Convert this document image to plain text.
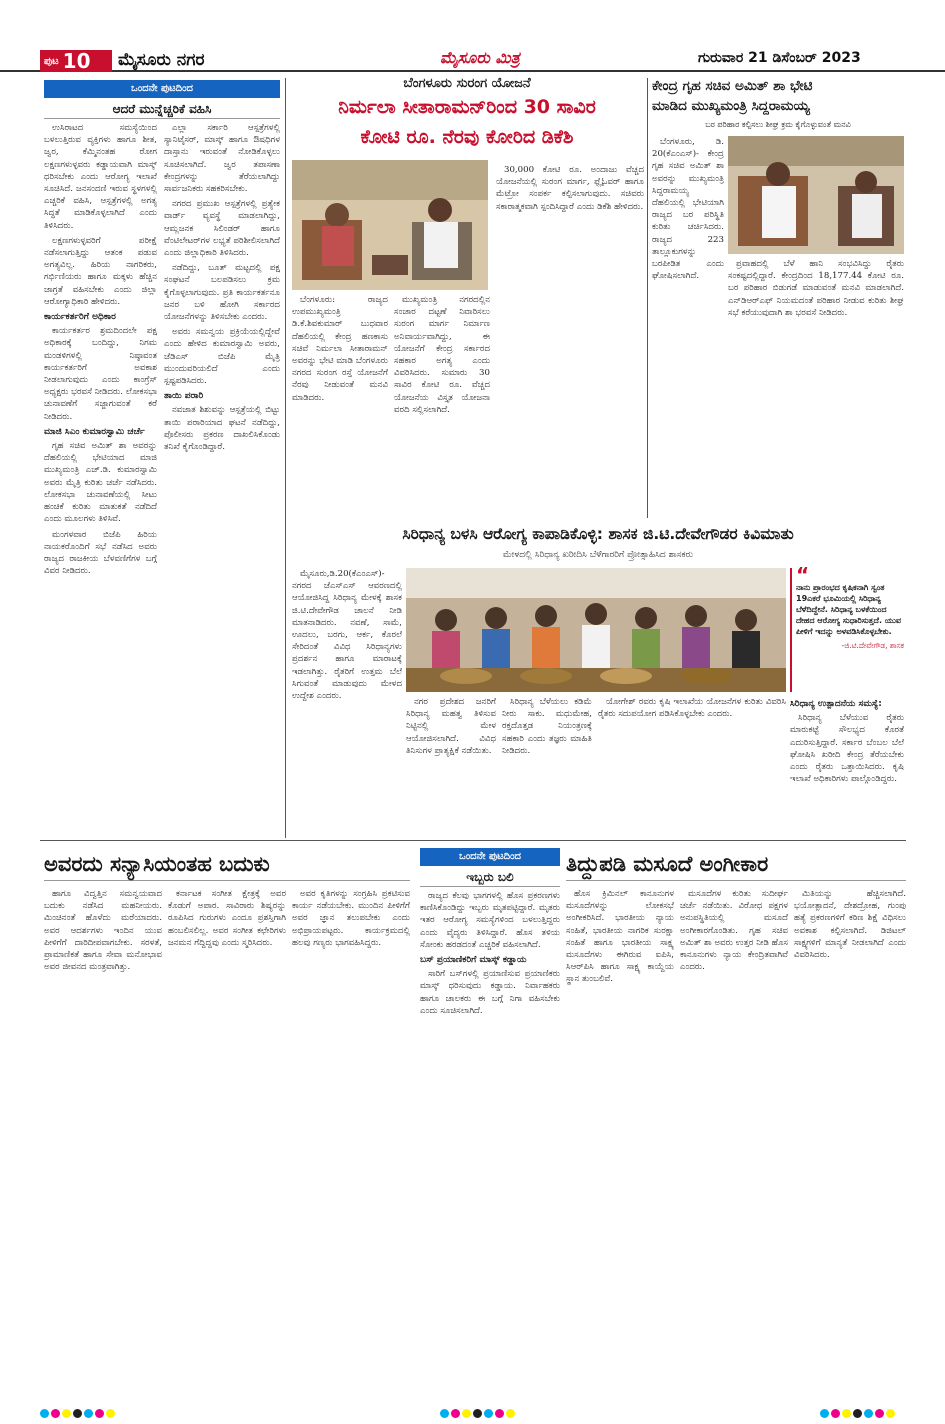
ಪುಟ 10 ಮೈಸೂರು ನಗರ	ಮೈಸೂರು ಮಿತ್ರ	ಗುರುವಾರ 21 ಡಿಸೆಂಬರ್ 2023
ಒಂದನೇ ಪುಟದಿಂದ
ಆದರೆ ಮುನ್ನೆಚ್ಚರಿಕೆ ವಹಿಸಿ

ಉಸಿರಾಟದ ಸಮಸ್ಯೆಯಿಂದ ಬಳಲುತ್ತಿರುವ ವ್ಯಕ್ತಿಗಳು ಹಾಗೂ ಶೀತ, ಜ್ವರ, ಕೆಮ್ಮಿನಂತಹ ರೋಗ ಲಕ್ಷಣಗಳುಳ್ಳವರು ಕಡ್ಡಾಯವಾಗಿ ಮಾಸ್ಕ್ ಧರಿಸಬೇಕು ಎಂದು ಆರೋಗ್ಯ ಇಲಾಖೆ ಸೂಚಿಸಿದೆ. ಜನಸಂದಣಿ ಇರುವ ಸ್ಥಳಗಳಲ್ಲಿ ಎಚ್ಚರಿಕೆ ವಹಿಸಿ, ಆಸ್ಪತ್ರೆಗಳಲ್ಲಿ ಅಗತ್ಯ ಸಿದ್ಧತೆ ಮಾಡಿಕೊಳ್ಳಲಾಗಿದೆ ಎಂದು ತಿಳಿಸಿದರು.

ಲಕ್ಷಣಗಳುಳ್ಳವರಿಗೆ ಪರೀಕ್ಷೆ ನಡೆಸಲಾಗುತ್ತಿದ್ದು ಆತಂಕ ಪಡುವ ಅಗತ್ಯವಿಲ್ಲ. ಹಿರಿಯ ನಾಗರಿಕರು, ಗರ್ಭಿಣಿಯರು ಹಾಗೂ ಮಕ್ಕಳು ಹೆಚ್ಚಿನ ಜಾಗ್ರತೆ ವಹಿಸಬೇಕು ಎಂದು ಜಿಲ್ಲಾ ಆರೋಗ್ಯಾಧಿಕಾರಿ ಹೇಳಿದರು.

ಕಾರ್ಯಕರ್ತರಿಗೆ ಅಧಿಕಾರ

ಕಾರ್ಯಕರ್ತರ ಶ್ರಮದಿಂದಲೇ ಪಕ್ಷ ಅಧಿಕಾರಕ್ಕೆ ಬಂದಿದ್ದು, ನಿಗಮ ಮಂಡಳಿಗಳಲ್ಲಿ ನಿಷ್ಠಾವಂತ ಕಾರ್ಯಕರ್ತರಿಗೆ ಅವಕಾಶ ನೀಡಲಾಗುವುದು ಎಂದು ಕಾಂಗ್ರೆಸ್ ಅಧ್ಯಕ್ಷರು ಭರವಸೆ ನೀಡಿದರು. ಲೋಕಸಭಾ ಚುನಾವಣೆಗೆ ಸಜ್ಜಾಗುವಂತೆ ಕರೆ ನೀಡಿದರು.

ಮಾಜಿ ಸಿಎಂ ಕುಮಾರಸ್ವಾಮಿ ಚರ್ಚೆ

ಗೃಹ ಸಚಿವ ಅಮಿತ್ ಶಾ ಅವರನ್ನು ದೆಹಲಿಯಲ್ಲಿ ಭೇಟಿಯಾದ ಮಾಜಿ ಮುಖ್ಯಮಂತ್ರಿ ಎಚ್.ಡಿ. ಕುಮಾರಸ್ವಾಮಿ ಅವರು ಮೈತ್ರಿ ಕುರಿತು ಚರ್ಚೆ ನಡೆಸಿದರು. ಲೋಕಸಭಾ ಚುನಾವಣೆಯಲ್ಲಿ ಸೀಟು ಹಂಚಿಕೆ ಕುರಿತು ಮಾತುಕತೆ ನಡೆದಿದೆ ಎಂದು ಮೂಲಗಳು ತಿಳಿಸಿವೆ.

ಮಂಗಳವಾರ ಬಿಜೆಪಿ ಹಿರಿಯ ನಾಯಕರೊಂದಿಗೆ ಸಭೆ ನಡೆಸಿದ ಅವರು ರಾಜ್ಯದ ರಾಜಕೀಯ ಬೆಳವಣಿಗೆಗಳ ಬಗ್ಗೆ ವಿವರ ನೀಡಿದರು.

ಎಲ್ಲಾ ಸರ್ಕಾರಿ ಆಸ್ಪತ್ರೆಗಳಲ್ಲಿ ಸ್ಯಾನಿಟೈಸರ್, ಮಾಸ್ಕ್ ಹಾಗೂ ಔಷಧಿಗಳ ದಾಸ್ತಾನು ಇರುವಂತೆ ನೋಡಿಕೊಳ್ಳಲು ಸೂಚಿಸಲಾಗಿದೆ. ಜ್ವರ ತಪಾಸಣಾ ಕೇಂದ್ರಗಳನ್ನು ತೆರೆಯಲಾಗಿದ್ದು ಸಾರ್ವಜನಿಕರು ಸಹಕರಿಸಬೇಕು.

ನಗರದ ಪ್ರಮುಖ ಆಸ್ಪತ್ರೆಗಳಲ್ಲಿ ಪ್ರತ್ಯೇಕ ವಾರ್ಡ್ ವ್ಯವಸ್ಥೆ ಮಾಡಲಾಗಿದ್ದು, ಆಮ್ಲಜನಕ ಸಿಲಿಂಡರ್ ಹಾಗೂ ವೆಂಟಿಲೇಟರ್‌ಗಳ ಲಭ್ಯತೆ ಪರಿಶೀಲಿಸಲಾಗಿದೆ ಎಂದು ಜಿಲ್ಲಾಧಿಕಾರಿ ತಿಳಿಸಿದರು.

ನಡೆದಿದ್ದು, ಬೂತ್ ಮಟ್ಟದಲ್ಲಿ ಪಕ್ಷ ಸಂಘಟನೆ ಬಲಪಡಿಸಲು ಕ್ರಮ ಕೈಗೊಳ್ಳಲಾಗುವುದು. ಪ್ರತಿ ಕಾರ್ಯಕರ್ತನೂ ಜನರ ಬಳಿ ಹೋಗಿ ಸರ್ಕಾರದ ಯೋಜನೆಗಳನ್ನು ತಿಳಿಸಬೇಕು ಎಂದರು.

ಅವರು ಸಮನ್ವಯ ಪ್ರಕ್ರಿಯೆಯಲ್ಲಿದ್ದೇವೆ ಎಂದು ಹೇಳಿದ ಕುಮಾರಸ್ವಾಮಿ ಅವರು, ಜೆಡಿಎಸ್ ಬಿಜೆಪಿ ಮೈತ್ರಿ ಮುಂದುವರಿಯಲಿದೆ ಎಂದು ಸ್ಪಷ್ಟಪಡಿಸಿದರು.

ತಾಯಿ ಪರಾರಿ

ನವಜಾತ ಶಿಶುವನ್ನು ಆಸ್ಪತ್ರೆಯಲ್ಲಿ ಬಿಟ್ಟು ತಾಯಿ ಪರಾರಿಯಾದ ಘಟನೆ ನಡೆದಿದ್ದು, ಪೊಲೀಸರು ಪ್ರಕರಣ ದಾಖಲಿಸಿಕೊಂಡು ತನಿಖೆ ಕೈಗೊಂಡಿದ್ದಾರೆ.

ಬೆಂಗಳೂರು ಸುರಂಗ ಯೋಜನೆ
ನಿರ್ಮಲಾ ಸೀತಾರಾಮನ್‌ರಿಂದ 30 ಸಾವಿರ
ಕೋಟಿ ರೂ. ನೆರವು ಕೋರಿದ ಡಿಕೆಶಿ

ಬೆಂಗಳೂರು: ರಾಜ್ಯದ ಉಪಮುಖ್ಯಮಂತ್ರಿ ಡಿ.ಕೆ.ಶಿವಕುಮಾರ್ ಬುಧವಾರ ದೆಹಲಿಯಲ್ಲಿ ಕೇಂದ್ರ ಹಣಕಾಸು ಸಚಿವೆ ನಿರ್ಮಲಾ ಸೀತಾರಾಮನ್ ಅವರನ್ನು ಭೇಟಿ ಮಾಡಿ ಬೆಂಗಳೂರು ನಗರದ ಸುರಂಗ ರಸ್ತೆ ಯೋಜನೆಗೆ ನೆರವು ನೀಡುವಂತೆ ಮನವಿ ಮಾಡಿದರು.

ಮುಖ್ಯಮಂತ್ರಿ ನಗರದಲ್ಲಿನ ಸಂಚಾರ ದಟ್ಟಣೆ ನಿವಾರಿಸಲು ಸುರಂಗ ಮಾರ್ಗ ನಿರ್ಮಾಣ ಅನಿವಾರ್ಯವಾಗಿದ್ದು, ಈ ಯೋಜನೆಗೆ ಕೇಂದ್ರ ಸರ್ಕಾರದ ಸಹಕಾರ ಅಗತ್ಯ ಎಂದು ವಿವರಿಸಿದರು. ಸುಮಾರು 30 ಸಾವಿರ ಕೋಟಿ ರೂ. ವೆಚ್ಚದ ಯೋಜನೆಯ ವಿಸ್ತೃತ ಯೋಜನಾ ವರದಿ ಸಲ್ಲಿಸಲಾಗಿದೆ.

30,000 ಕೋಟಿ ರೂ. ಅಂದಾಜು ವೆಚ್ಚದ ಯೋಜನೆಯಲ್ಲಿ ಸುರಂಗ ಮಾರ್ಗ, ಫ್ಲೈಓವರ್ ಹಾಗೂ ಮೆಟ್ರೋ ಸಂಪರ್ಕ ಕಲ್ಪಿಸಲಾಗುವುದು. ಸಚಿವರು ಸಕಾರಾತ್ಮಕವಾಗಿ ಸ್ಪಂದಿಸಿದ್ದಾರೆ ಎಂದು ಡಿಕೆಶಿ ಹೇಳಿದರು.

ಕೇಂದ್ರ ಗೃಹ ಸಚಿವ ಅಮಿತ್ ಶಾ ಭೇಟಿ
ಮಾಡಿದ ಮುಖ್ಯಮಂತ್ರಿ ಸಿದ್ದರಾಮಯ್ಯ
ಬರ ಪರಿಹಾರ ಕಲ್ಪಿಸಲು ಶೀಘ್ರ ಕ್ರಮ ಕೈಗೊಳ್ಳುವಂತೆ ಮನವಿ

ಬೆಂಗಳೂರು, ಡಿ. 20(ಕೆಎಂಎಸ್)- ಕೇಂದ್ರ ಗೃಹ ಸಚಿವ ಅಮಿತ್ ಶಾ ಅವರನ್ನು ಮುಖ್ಯಮಂತ್ರಿ ಸಿದ್ದರಾಮಯ್ಯ ದೆಹಲಿಯಲ್ಲಿ ಭೇಟಿಯಾಗಿ ರಾಜ್ಯದ ಬರ ಪರಿಸ್ಥಿತಿ ಕುರಿತು ಚರ್ಚಿಸಿದರು. ರಾಜ್ಯದ 223 ತಾಲ್ಲೂಕುಗಳನ್ನು ಬರಪೀಡಿತ ಎಂದು ಘೋಷಿಸಲಾಗಿದೆ.

ಪ್ರವಾಹದಲ್ಲಿ ಬೆಳೆ ಹಾನಿ ಸಂಭವಿಸಿದ್ದು ರೈತರು ಸಂಕಷ್ಟದಲ್ಲಿದ್ದಾರೆ. ಕೇಂದ್ರದಿಂದ 18,177.44 ಕೋಟಿ ರೂ. ಬರ ಪರಿಹಾರ ಬಿಡುಗಡೆ ಮಾಡುವಂತೆ ಮನವಿ ಮಾಡಲಾಗಿದೆ. ಎನ್‌ಡಿಆರ್‌ಎಫ್ ನಿಯಮದಂತೆ ಪರಿಹಾರ ನೀಡುವ ಕುರಿತು ಶೀಘ್ರ ಸಭೆ ಕರೆಯುವುದಾಗಿ ಶಾ ಭರವಸೆ ನೀಡಿದರು.

ಸಿರಿಧಾನ್ಯ ಬಳಸಿ ಆರೋಗ್ಯ ಕಾಪಾಡಿಕೊಳ್ಳಿ: ಶಾಸಕ ಜಿ.ಟಿ.ದೇವೇಗೌಡರ ಕಿವಿಮಾತು
ಮೇಳದಲ್ಲಿ ಸಿರಿಧಾನ್ಯ ಖರೀದಿಸಿ ಬೆಳೆಗಾರರಿಗೆ ಪ್ರೋತ್ಸಾಹಿಸಿದ ಶಾಸಕರು

ಮೈಸೂರು,ಡಿ.20(ಕೆಎಂಎಸ್)- ನಗರದ ಜೆಎಸ್‌ಎಸ್ ಆವರಣದಲ್ಲಿ ಆಯೋಜಿಸಿದ್ದ ಸಿರಿಧಾನ್ಯ ಮೇಳಕ್ಕೆ ಶಾಸಕ ಜಿ.ಟಿ.ದೇವೇಗೌಡ ಚಾಲನೆ ನೀಡಿ ಮಾತನಾಡಿದರು. ನವಣೆ, ಸಾಮೆ, ಊದಲು, ಬರಗು, ಆರ್ಕ, ಕೊರಲೆ ಸೇರಿದಂತೆ ವಿವಿಧ ಸಿರಿಧಾನ್ಯಗಳು ಪ್ರದರ್ಶನ ಹಾಗೂ ಮಾರಾಟಕ್ಕೆ ಇಡಲಾಗಿತ್ತು. ರೈತರಿಗೆ ಉತ್ತಮ ಬೆಲೆ ಸಿಗುವಂತೆ ಮಾಡುವುದು ಮೇಳದ ಉದ್ದೇಶ ಎಂದರು.

“
ನಾನು ಪ್ರಾರಂಭದ ಕೃಷಿಕನಾಗಿ ಸ್ವಂತ 19ಎಕರೆ ಭೂಮಿಯಲ್ಲಿ ಸಿರಿಧಾನ್ಯ ಬೆಳೆದಿದ್ದೇನೆ. ಸಿರಿಧಾನ್ಯ ಬಳಕೆಯಿಂದ ದೇಹದ ಆರೋಗ್ಯ ಸುಧಾರಿಸುತ್ತದೆ. ಯುವ ಪೀಳಿಗೆ ಇದನ್ನು ಅಳವಡಿಸಿಕೊಳ್ಳಬೇಕು.
-ಜಿ.ಟಿ.ದೇವೇಗೌಡ, ಶಾಸಕ

ನಗರ ಪ್ರದೇಶದ ಜನರಿಗೆ ಸಿರಿಧಾನ್ಯ ಮಹತ್ವ ತಿಳಿಸುವ ನಿಟ್ಟಿನಲ್ಲಿ ಮೇಳ ಆಯೋಜಿಸಲಾಗಿದೆ. ವಿವಿಧ ತಿನಿಸುಗಳ ಪ್ರಾತ್ಯಕ್ಷಿಕೆ ನಡೆಯಿತು.

ಸಿರಿಧಾನ್ಯ ಬೆಳೆಯಲು ಕಡಿಮೆ ನೀರು ಸಾಕು. ಮಧುಮೇಹ, ರಕ್ತದೊತ್ತಡ ನಿಯಂತ್ರಣಕ್ಕೆ ಸಹಕಾರಿ ಎಂದು ತಜ್ಞರು ಮಾಹಿತಿ ನೀಡಿದರು.

ಯೋಗೇಶ್ ರವರು ಕೃಷಿ ಇಲಾಖೆಯ ಯೋಜನೆಗಳ ಕುರಿತು ವಿವರಿಸಿ ರೈತರು ಸದುಪಯೋಗ ಪಡಿಸಿಕೊಳ್ಳಬೇಕು ಎಂದರು.

ಸಿರಿಧಾನ್ಯ ಉತ್ಪಾದನೆಯ ಸಮಸ್ಯೆ:

ಸಿರಿಧಾನ್ಯ ಬೆಳೆಯುವ ರೈತರು ಮಾರುಕಟ್ಟೆ ಸೌಲಭ್ಯದ ಕೊರತೆ ಎದುರಿಸುತ್ತಿದ್ದಾರೆ. ಸರ್ಕಾರ ಬೆಂಬಲ ಬೆಲೆ ಘೋಷಿಸಿ ಖರೀದಿ ಕೇಂದ್ರ ತೆರೆಯಬೇಕು ಎಂದು ರೈತರು ಒತ್ತಾಯಿಸಿದರು. ಕೃಷಿ ಇಲಾಖೆ ಅಧಿಕಾರಿಗಳು ಪಾಲ್ಗೊಂಡಿದ್ದರು.

ಅವರದು ಸನ್ಯಾಸಿಯಂತಹ ಬದುಕು

ಹಾಗೂ ವಿದ್ವತ್ತಿನ ಸಮನ್ವಯವಾದ ಬದುಕು ನಡೆಸಿದ ಮಹನೀಯರು. ಮಿಂಚಿನಂತೆ ಹೊಳೆದು ಮರೆಯಾದರು. ಅವರ ಆದರ್ಶಗಳು ಇಂದಿನ ಯುವ ಪೀಳಿಗೆಗೆ ದಾರಿದೀಪವಾಗಬೇಕು. ಸರಳತೆ, ಪ್ರಾಮಾಣಿಕತೆ ಹಾಗೂ ಸೇವಾ ಮನೋಭಾವ ಅವರ ಜೀವನದ ಮಂತ್ರವಾಗಿತ್ತು.

ಕರ್ನಾಟಕ ಸಂಗೀತ ಕ್ಷೇತ್ರಕ್ಕೆ ಅವರ ಕೊಡುಗೆ ಅಪಾರ. ಸಾವಿರಾರು ಶಿಷ್ಯರನ್ನು ರೂಪಿಸಿದ ಗುರುಗಳು ಎಂದೂ ಪ್ರಶಸ್ತಿಗಾಗಿ ಹಂಬಲಿಸಲಿಲ್ಲ. ಅವರ ಸಂಗೀತ ಕಛೇರಿಗಳು ಜನಮನ ಗೆದ್ದಿದ್ದವು ಎಂದು ಸ್ಮರಿಸಿದರು.

ಅವರ ಕೃತಿಗಳನ್ನು ಸಂಗ್ರಹಿಸಿ ಪ್ರಕಟಿಸುವ ಕಾರ್ಯ ನಡೆಯಬೇಕು. ಮುಂದಿನ ಪೀಳಿಗೆಗೆ ಅವರ ಜ್ಞಾನ ತಲುಪಬೇಕು ಎಂದು ಅಭಿಪ್ರಾಯಪಟ್ಟರು. ಕಾರ್ಯಕ್ರಮದಲ್ಲಿ ಹಲವು ಗಣ್ಯರು ಭಾಗವಹಿಸಿದ್ದರು.

ಒಂದನೇ ಪುಟದಿಂದ
ಇಬ್ಬರು ಬಲಿ

ರಾಜ್ಯದ ಕೆಲವು ಭಾಗಗಳಲ್ಲಿ ಹೊಸ ಪ್ರಕರಣಗಳು ಕಾಣಿಸಿಕೊಂಡಿದ್ದು ಇಬ್ಬರು ಮೃತಪಟ್ಟಿದ್ದಾರೆ. ಮೃತರು ಇತರ ಆರೋಗ್ಯ ಸಮಸ್ಯೆಗಳಿಂದ ಬಳಲುತ್ತಿದ್ದರು ಎಂದು ವೈದ್ಯರು ತಿಳಿಸಿದ್ದಾರೆ. ಹೊಸ ತಳಿಯ ಸೋಂಕು ಹರಡದಂತೆ ಎಚ್ಚರಿಕೆ ವಹಿಸಲಾಗಿದೆ.

ಬಸ್ ಪ್ರಯಾಣಿಕರಿಗೆ ಮಾಸ್ಕ್ ಕಡ್ಡಾಯ

ಸಾರಿಗೆ ಬಸ್‌ಗಳಲ್ಲಿ ಪ್ರಯಾಣಿಸುವ ಪ್ರಯಾಣಿಕರು ಮಾಸ್ಕ್ ಧರಿಸುವುದು ಕಡ್ಡಾಯ. ನಿರ್ವಾಹಕರು ಹಾಗೂ ಚಾಲಕರು ಈ ಬಗ್ಗೆ ನಿಗಾ ವಹಿಸಬೇಕು ಎಂದು ಸೂಚಿಸಲಾಗಿದೆ.

ತಿದ್ದುಪಡಿ ಮಸೂದೆ ಅಂಗೀಕಾರ

ಹೊಸ ಕ್ರಿಮಿನಲ್ ಕಾನೂನುಗಳ ಮಸೂದೆಗಳನ್ನು ಲೋಕಸಭೆ ಅಂಗೀಕರಿಸಿದೆ. ಭಾರತೀಯ ನ್ಯಾಯ ಸಂಹಿತೆ, ಭಾರತೀಯ ನಾಗರಿಕ ಸುರಕ್ಷಾ ಸಂಹಿತೆ ಹಾಗೂ ಭಾರತೀಯ ಸಾಕ್ಷ್ಯ ಮಸೂದೆಗಳು ಈಗಿರುವ ಐಪಿಸಿ, ಸಿಆರ್‌ಪಿಸಿ ಹಾಗೂ ಸಾಕ್ಷ್ಯ ಕಾಯ್ದೆಯ ಸ್ಥಾನ ತುಂಬಲಿವೆ.

ಮಸೂದೆಗಳ ಕುರಿತು ಸುದೀರ್ಘ ಚರ್ಚೆ ನಡೆಯಿತು. ವಿರೋಧ ಪಕ್ಷಗಳ ಅನುಪಸ್ಥಿತಿಯಲ್ಲಿ ಮಸೂದೆ ಅಂಗೀಕಾರಗೊಂಡಿತು. ಗೃಹ ಸಚಿವ ಅಮಿತ್ ಶಾ ಅವರು ಉತ್ತರ ನೀಡಿ ಹೊಸ ಕಾನೂನುಗಳು ನ್ಯಾಯ ಕೇಂದ್ರಿತವಾಗಿವೆ ಎಂದರು.

ಮಿತಿಯನ್ನು ಹೆಚ್ಚಿಸಲಾಗಿದೆ. ಭಯೋತ್ಪಾದನೆ, ದೇಶದ್ರೋಹ, ಗುಂಪು ಹತ್ಯೆ ಪ್ರಕರಣಗಳಿಗೆ ಕಠಿಣ ಶಿಕ್ಷೆ ವಿಧಿಸಲು ಅವಕಾಶ ಕಲ್ಪಿಸಲಾಗಿದೆ. ಡಿಜಿಟಲ್ ಸಾಕ್ಷ್ಯಗಳಿಗೆ ಮಾನ್ಯತೆ ನೀಡಲಾಗಿದೆ ಎಂದು ವಿವರಿಸಿದರು.
